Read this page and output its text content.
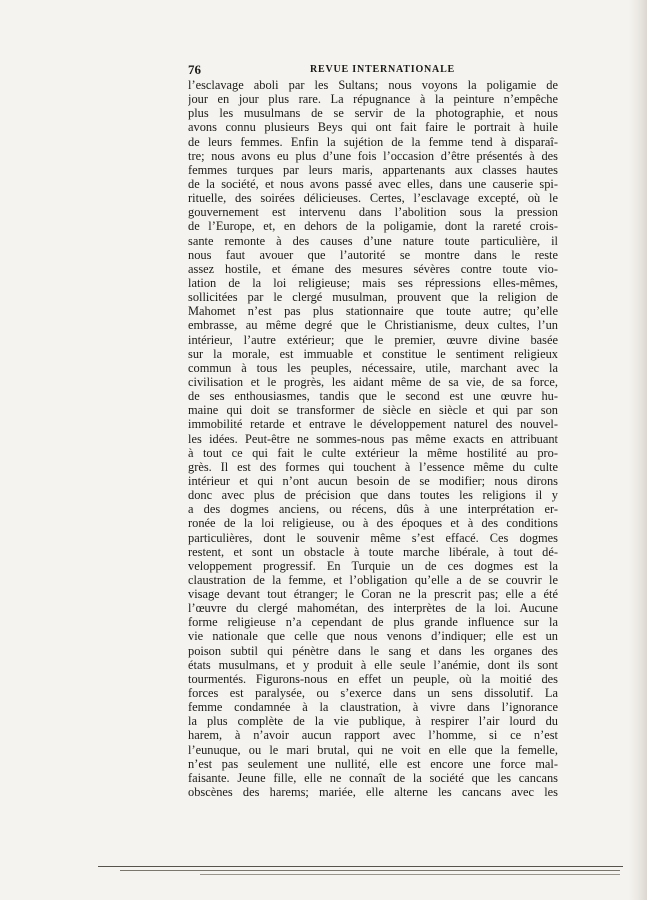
76	REVUE INTERNATIONALE
l’esclavage aboli par les Sultans; nous voyons la poligamie de
jour en jour plus rare. La répugnance à la peinture n’empêche
plus les musulmans de se servir de la photographie, et nous
avons connu plusieurs Beys qui ont fait faire le portrait à huile
de leurs femmes. Enfin la sujétion de la femme tend à disparaî-
tre; nous avons eu plus d’une fois l’occasion d’être présentés à des
femmes turques par leurs maris, appartenants aux classes hautes
de la société, et nous avons passé avec elles, dans une causerie spi-
rituelle, des soirées délicieuses. Certes, l’esclavage excepté, où le
gouvernement est intervenu dans l’abolition sous la pression
de l’Europe, et, en dehors de la poligamie, dont la rareté crois-
sante remonte à des causes d’une nature toute particulière, il
nous faut avouer que l’autorité se montre dans le reste
assez hostile, et émane des mesures sévères contre toute vio-
lation de la loi religieuse; mais ses répressions elles-mêmes,
sollicitées par le clergé musulman, prouvent que la religion de
Mahomet n’est pas plus stationnaire que toute autre; qu’elle
embrasse, au même degré que le Christianisme, deux cultes, l’un
intérieur, l’autre extérieur; que le premier, œuvre divine basée
sur la morale, est immuable et constitue le sentiment religieux
commun à tous les peuples, nécessaire, utile, marchant avec la
civilisation et le progrès, les aidant même de sa vie, de sa force,
de ses enthousiasmes, tandis que le second est une œuvre hu-
maine qui doit se transformer de siècle en siècle et qui par son
immobilité retarde et entrave le développement naturel des nouvel-
les idées. Peut-être ne sommes-nous pas même exacts en attribuant
à tout ce qui fait le culte extérieur la même hostilité au pro-
grès. Il est des formes qui touchent à l’essence même du culte
intérieur et qui n’ont aucun besoin de se modifier; nous dirons
donc avec plus de précision que dans toutes les religions il y
a des dogmes anciens, ou récens, dûs à une interprétation er-
ronée de la loi religieuse, ou à des époques et à des conditions
particulières, dont le souvenir même s’est effacé. Ces dogmes
restent, et sont un obstacle à toute marche libérale, à tout dé-
veloppement progressif. En Turquie un de ces dogmes est la
claustration de la femme, et l’obligation qu’elle a de se couvrir le
visage devant tout étranger; le Coran ne la prescrit pas; elle a été
l’œuvre du clergé mahométan, des interprètes de la loi. Aucune
forme religieuse n’a cependant de plus grande influence sur la
vie nationale que celle que nous venons d’indiquer; elle est un
poison subtil qui pénètre dans le sang et dans les organes des
états musulmans, et y produit à elle seule l’anémie, dont ils sont
tourmentés. Figurons-nous en effet un peuple, où la moitié des
forces est paralysée, ou s’exerce dans un sens dissolutif. La
femme condamnée à la claustration, à vivre dans l’ignorance
la plus complète de la vie publique, à respirer l’air lourd du
harem, à n’avoir aucun rapport avec l’homme, si ce n’est
l’eunuque, ou le mari brutal, qui ne voit en elle que la femelle,
n’est pas seulement une nullité, elle est encore une force mal-
faisante. Jeune fille, elle ne connaît de la société que les cancans
obscènes des harems; mariée, elle alterne les cancans avec les
